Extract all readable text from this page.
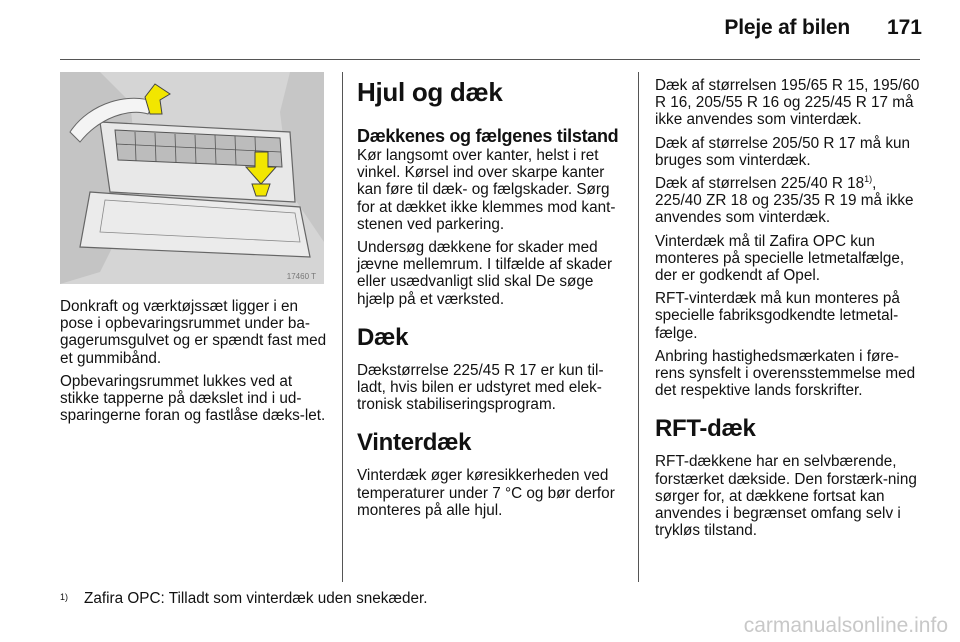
Pleje af bilen 171
17460 T

Donkraft og værktøjssæt ligger i en pose i opbevaringsrummet under ba-gagerumsgulvet og er spændt fast med et gummibånd.

Opbevaringsrummet lukkes ved at stikke tapperne på dækslet ind i ud-sparingerne foran og fastlåse dæks-let.

Hjul og dæk
Dækkenes og fælgenes tilstand

Kør langsomt over kanter, helst i ret vinkel. Kørsel ind over skarpe kanter kan føre til dæk- og fælgskader. Sørg for at dækket ikke klemmes mod kant-stenen ved parkering.

Undersøg dækkene for skader med jævne mellemrum. I tilfælde af skader eller usædvanligt slid skal De søge hjælp på et værksted.

Dæk

Dækstørrelse 225/45 R 17 er kun til-ladt, hvis bilen er udstyret med elek-tronisk stabiliseringsprogram.

Vinterdæk

Vinterdæk øger køresikkerheden ved temperaturer under 7 °C og bør derfor monteres på alle hjul.

Dæk af størrelsen 195/65 R 15, 195/60 R 16, 205/55 R 16 og 225/45 R 17 må ikke anvendes som vinterdæk.

Dæk af størrelse 205/50 R 17 må kun bruges som vinterdæk.

Dæk af størrelsen 225/40 R 18$^{1)}$, 225/40 ZR 18 og 235/35 R 19 må ikke anvendes som vinterdæk.

Vinterdæk må til Zafira OPC kun monteres på specielle letmetalfælge, der er godkendt af Opel.

RFT-vinterdæk må kun monteres på specielle fabriksgodkendte letmetal-fælge.

Anbring hastighedsmærkaten i føre-rens synsfelt i overensstemmelse med det respektive lands forskrifter.

RFT-dæk

RFT-dækkene har en selvbærende, forstærket dækside. Den forstærk-ning sørger for, at dækkene fortsat kan anvendes i begrænset omfang selv i trykløs tilstand.

$^{1)}$ Zafira OPC: Tilladt som vinterdæk uden snekæder.
carmanualsonline.info
